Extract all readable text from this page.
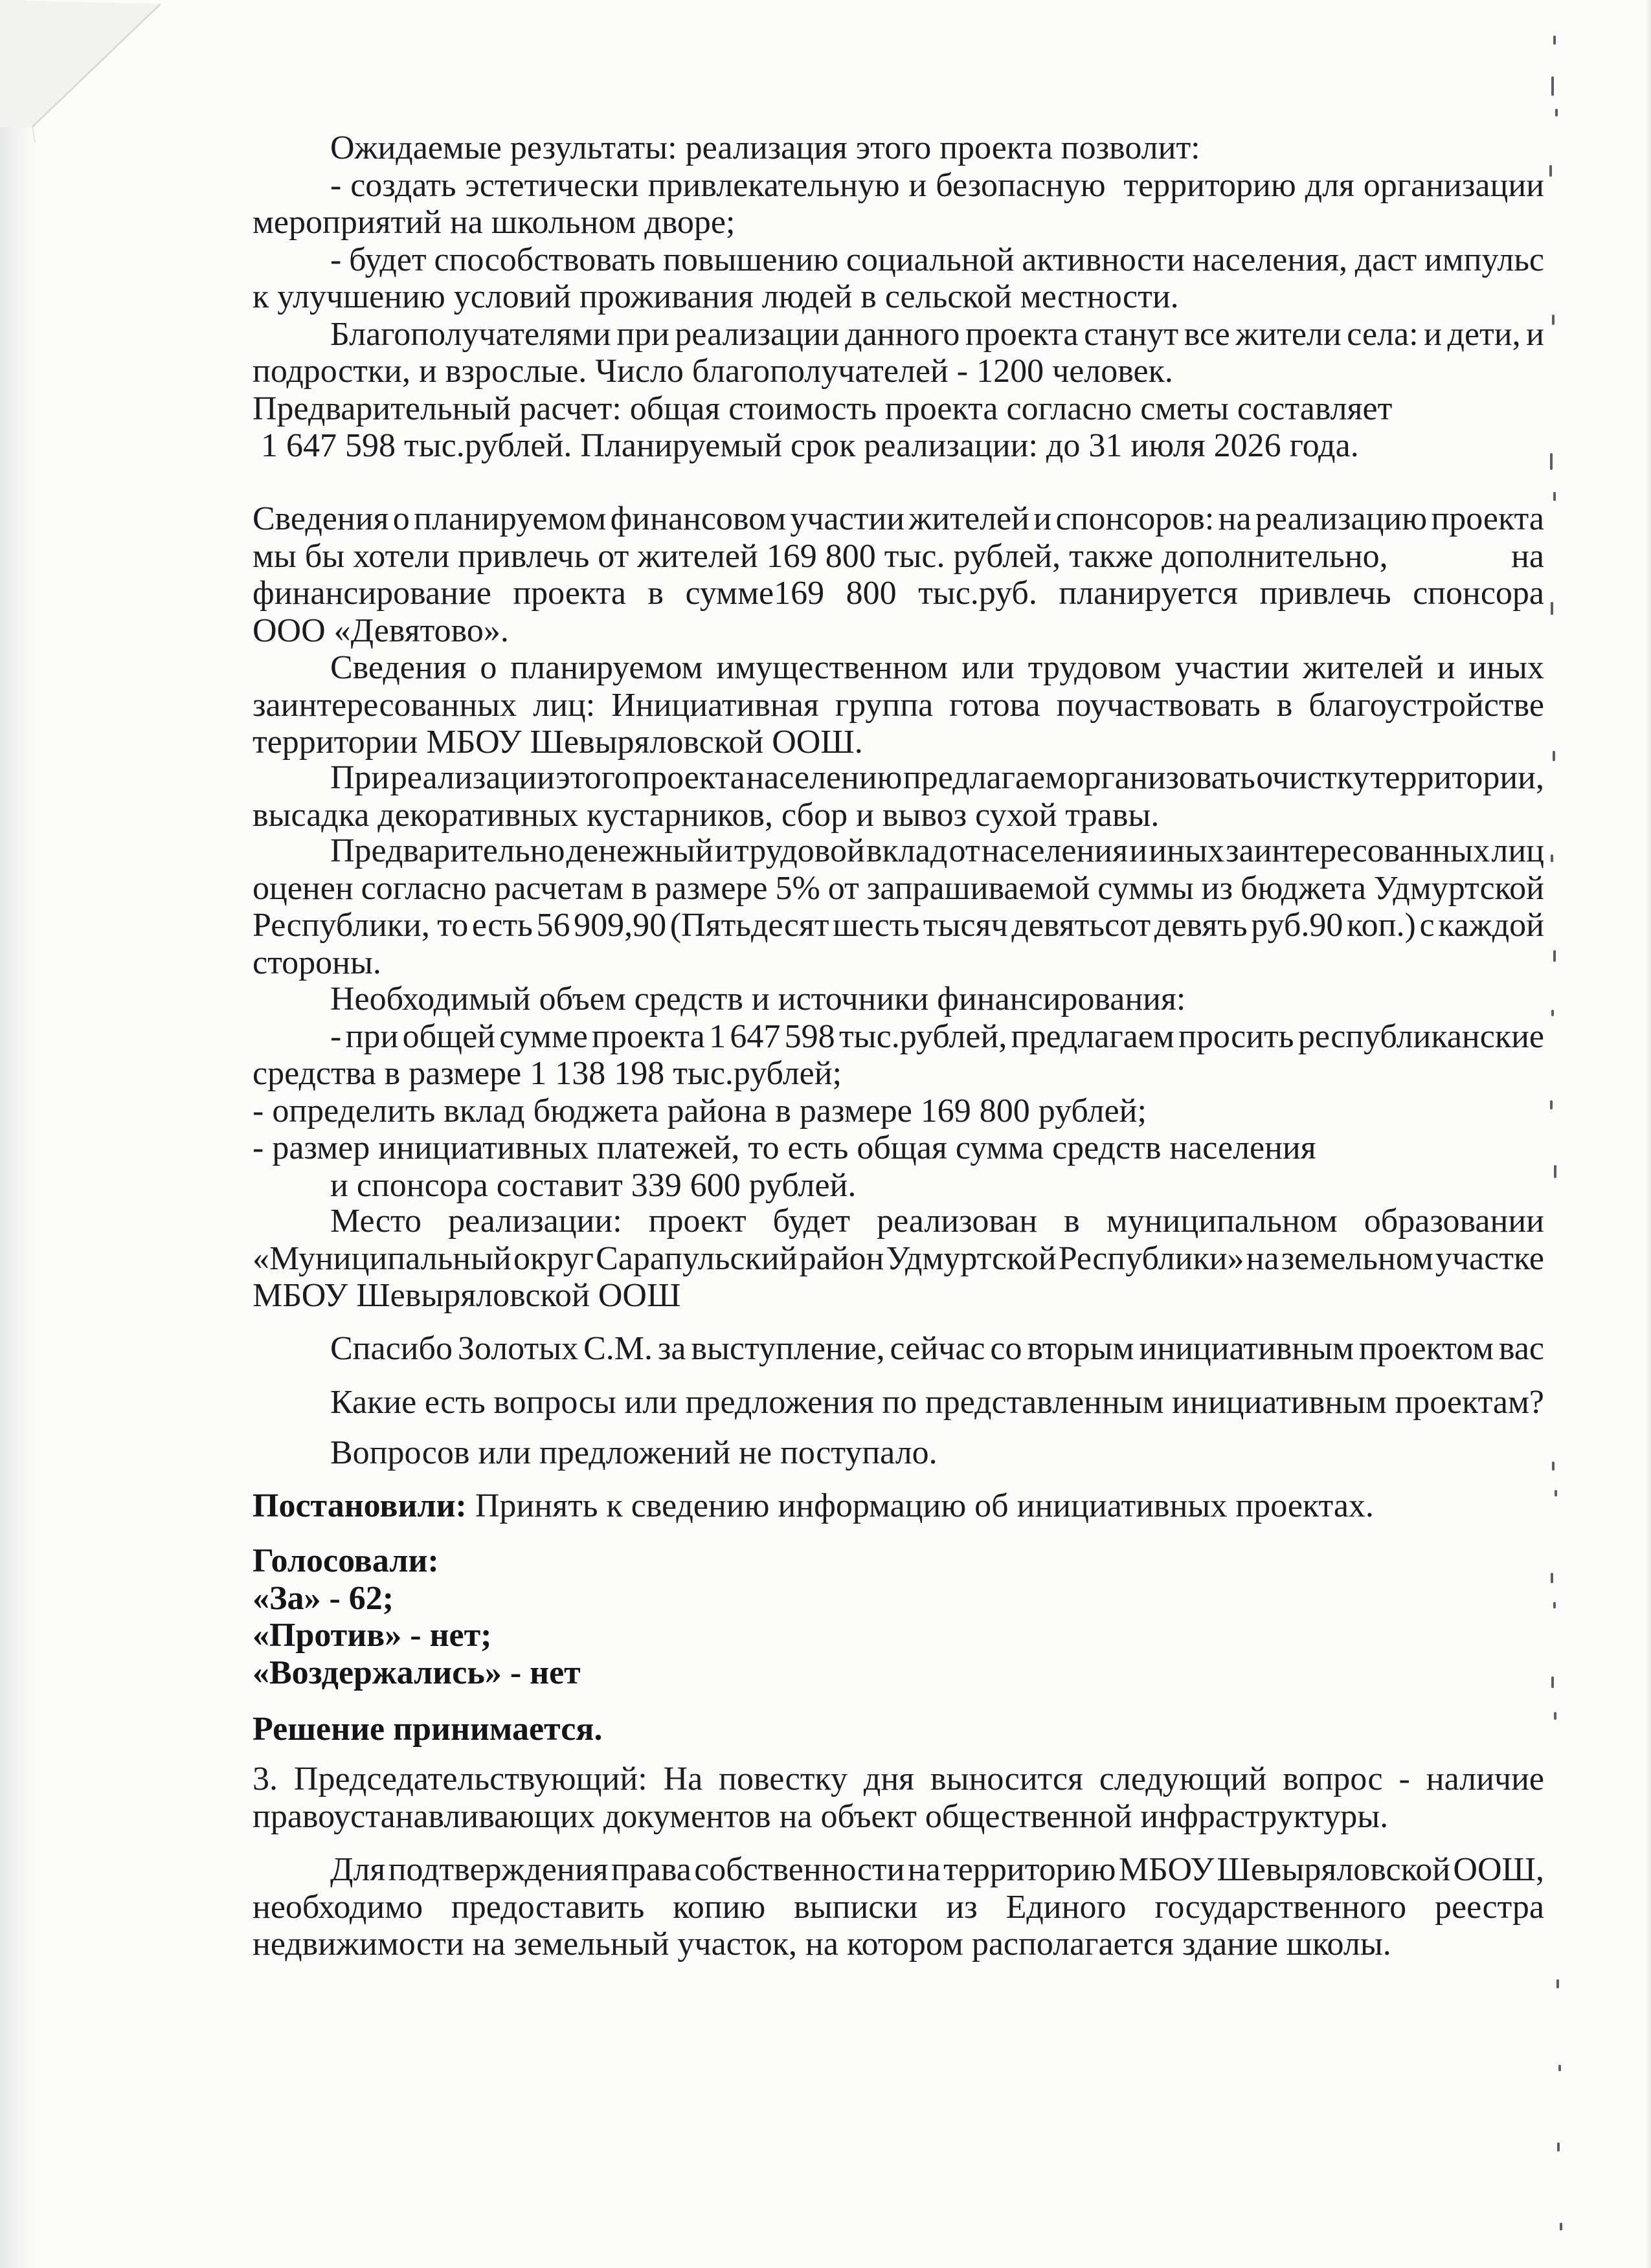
Ожидаемые результаты: реализация этого проекта позволит:
- создать эстетически привлекательную и безопасную  территорию для организации
мероприятий на школьном дворе;
- будет способствовать повышению социальной активности населения, даст импульс
к улучшению условий проживания людей в сельской местности.
Благополучателями при реализации данного проекта станут все жители села: и дети, и
подростки, и взрослые. Число благополучателей - 1200 человек.
Предварительный расчет: общая стоимость проекта согласно сметы составляет
1 647 598 тыс.рублей. Планируемый срок реализации: до 31 июля 2026 года.
Сведения о планируемом финансовом участии жителей и спонсоров: на реализацию проекта
мы бы хотели привлечь от жителей 169 800 тыс. рублей, также дополнительно,	на
финансирование проекта в сумме169 800 тыс.руб. планируется привлечь спонсора
ООО «Девятово».
Сведения о планируемом имущественном или трудовом участии жителей и иных
заинтересованных лиц: Инициативная группа готова поучаствовать в благоустройстве
территории МБОУ Шевыряловской ООШ.
При реализации этого проекта населению предлагаем организовать очистку территории,
высадка декоративных кустарников, сбор и вывоз сухой травы.
Предварительно денежный и трудовой вклад от населения и иных заинтересованных лиц
оценен согласно расчетам в размере 5% от запрашиваемой суммы из бюджета Удмуртской
Республики,  то есть 56 909,90 (Пятьдесят шесть тысяч девятьсот девять руб.90 коп.) с каждой
стороны.
Необходимый объем средств и источники финансирования:
- при общей сумме проекта 1 647 598 тыс.рублей, предлагаем просить республиканские
средства в размере 1 138 198 тыс.рублей;
- определить вклад бюджета района в размере 169 800 рублей;
- размер инициативных платежей, то есть общая сумма средств населения
и спонсора составит 339 600 рублей.
Место реализации: проект будет реализован в муниципальном образовании
«Муниципальный округ Сарапульский район Удмуртской Республики» на земельном участке
МБОУ Шевыряловской ООШ
Спасибо Золотых С.М. за выступление, сейчас со вторым инициативным проектом вас
Какие есть вопросы или предложения по представленным инициативным проектам?
Вопросов или предложений не поступало.
Постановили: Принять к сведению информацию об инициативных проектах.
Голосовали:
«За» - 62;
«Против» - нет;
«Воздержались» - нет
Решение принимается.
3. Председательствующий: На повестку дня выносится следующий вопрос - наличие
правоустанавливающих документов на объект общественной инфраструктуры.
Для подтверждения права собственности на территорию МБОУ Шевыряловской ООШ,
необходимо предоставить копию выписки из Единого государственного реестра
недвижимости на земельный участок, на котором располагается здание школы.
